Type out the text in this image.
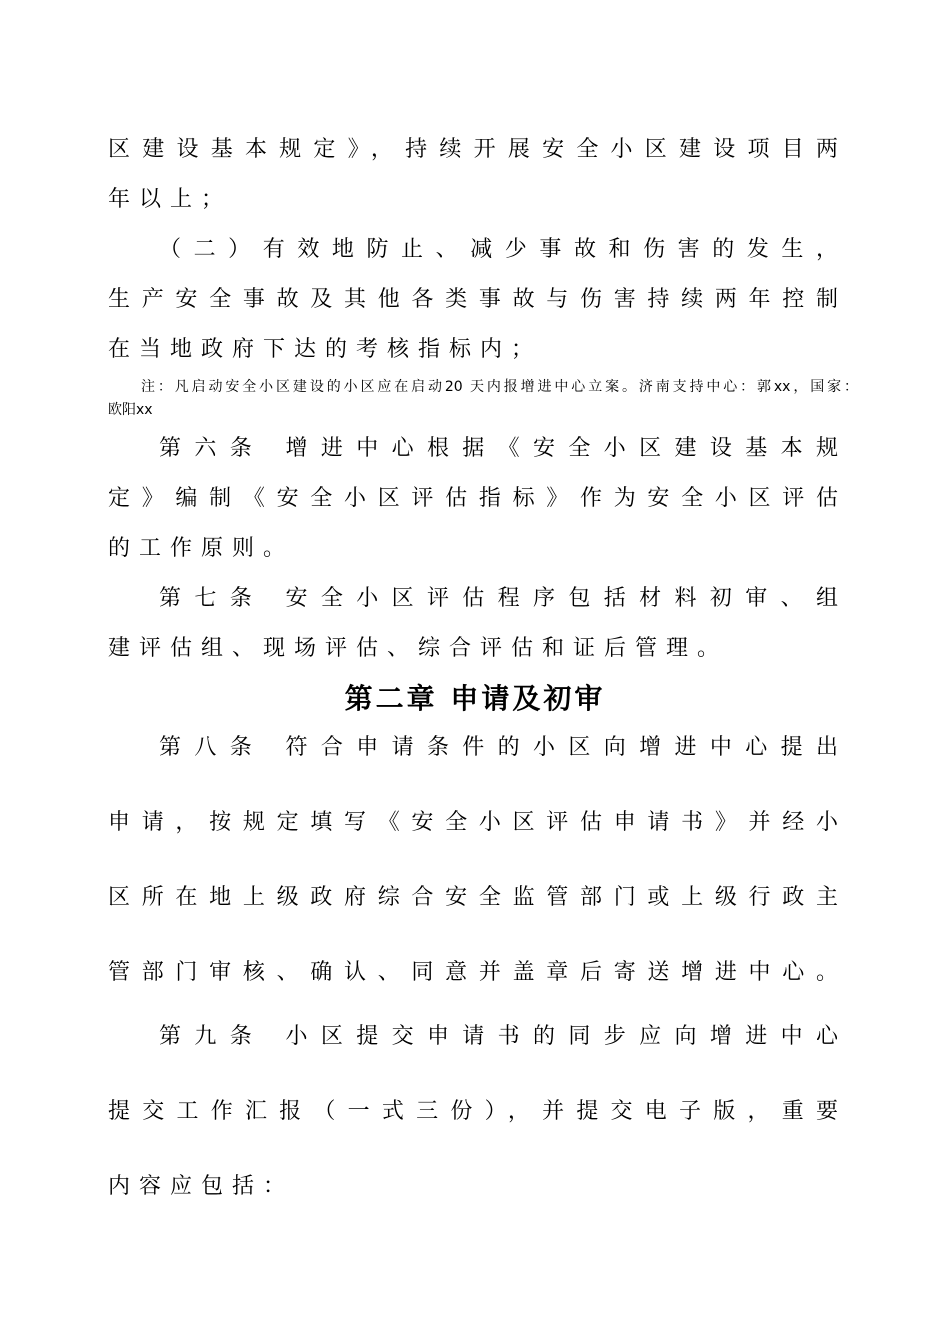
区建设基本规定》，持续开展安全小区建设项目两
年以上；
（二）有效地防止、减少事故和伤害的发生，
生产安全事故及其他各类事故与伤害持续两年控制
在当地政府下达的考核指标内；
注：凡启动安全小区建设的小区应在启动20 天内报增进中心立案。济南支持中心：郭xx，国家：
欧阳xx
第六条 增进中心根据《安全小区建设基本规
定》编制《安全小区评估指标》作为安全小区评估
的工作原则。
第七条 安全小区评估程序包括材料初审、组
建评估组、现场评估、综合评估和证后管理。
第二章 申请及初审
第八条 符合申请条件的小区向增进中心提出
申请，按规定填写《安全小区评估申请书》并经小
区所在地上级政府综合安全监管部门或上级行政主
管部门审核、确认、同意并盖章后寄送增进中心。
第九条 小区提交申请书的同步应向增进中心
提交工作汇报（一式三份），并提交电子版，重要
内容应包括：
